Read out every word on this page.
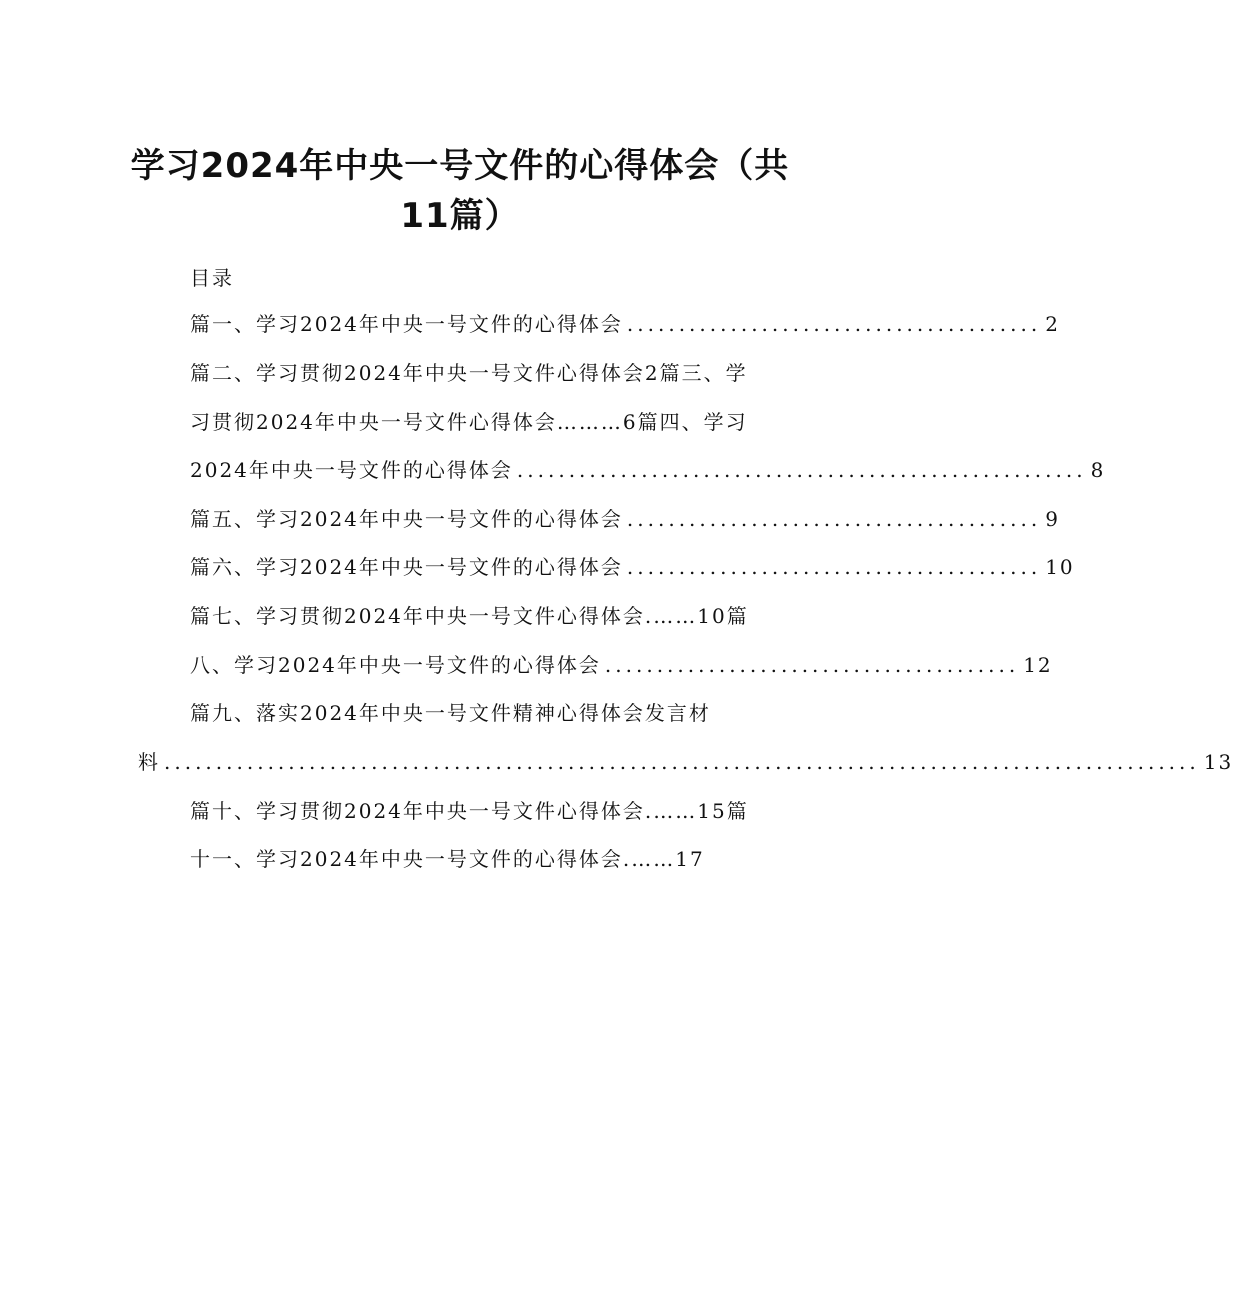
学习2024年中央一号文件的心得体会（共
11篇）
目录
篇一、学习2024年中央一号文件的心得体会 ........................................ 2
篇二、学习贯彻2024年中央一号文件心得体会2篇三、学
习贯彻2024年中央一号文件心得体会………6篇四、学习
2024年中央一号文件的心得体会 ....................................................... 8
篇五、学习2024年中央一号文件的心得体会 ........................................ 9
篇六、学习2024年中央一号文件的心得体会 ........................................ 10
篇七、学习贯彻2024年中央一号文件心得体会.……10篇
八、学习2024年中央一号文件的心得体会 ........................................ 12
篇九、落实2024年中央一号文件精神心得体会发言材
料 .................................................................................................... 13
篇十、学习贯彻2024年中央一号文件心得体会.……15篇
十一、学习2024年中央一号文件的心得体会.……17
